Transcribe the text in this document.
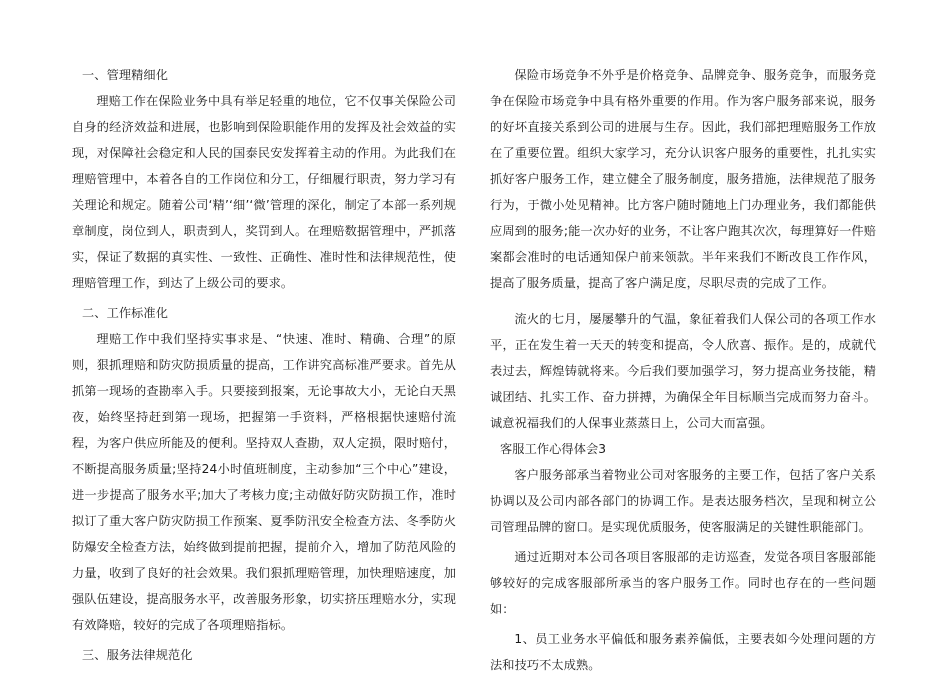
一、管理精细化

理赔工作在保险业务中具有举足轻重的地位，它不仅事关保险公司自身的经济效益和进展，也影响到保险职能作用的发挥及社会效益的实现，对保障社会稳定和人民的国泰民安发挥着主动的作用。为此我们在理赔管理中，本着各自的工作岗位和分工，仔细履行职责，努力学习有关理论和规定。随着公司‘精’‘细’‘微’管理的深化，制定了本部一系列规章制度，岗位到人，职责到人，奖罚到人。在理赔数据管理中，严抓落实，保证了数据的真实性、一致性、正确性、准时性和法律规范性，使理赔管理工作，到达了上级公司的要求。

二、工作标准化

理赔工作中我们坚持实事求是、“快速、准时、精确、合理”的原则，狠抓理赔和防灾防损质量的提高，工作讲究高标准严要求。首先从抓第一现场的查勘率入手。只要接到报案，无论事故大小，无论白天黑夜，始终坚持赶到第一现场，把握第一手资料，严格根据快速赔付流程，为客户供应所能及的便利。坚持双人查勘，双人定损，限时赔付，不断提高服务质量;坚持24小时值班制度，主动参加“三个中心”建设，进一步提高了服务水平;加大了考核力度;主动做好防灾防损工作，准时拟订了重大客户防灾防损工作预案、夏季防汛安全检查方法、冬季防火防爆安全检查方法，始终做到提前把握，提前介入，增加了防范风险的力量，收到了良好的社会效果。我们狠抓理赔管理，加快理赔速度，加强队伍建设，提高服务水平，改善服务形象，切实挤压理赔水分，实现有效降赔，较好的完成了各项理赔指标。

三、服务法律规范化

保险市场竞争不外乎是价格竞争、品牌竞争、服务竞争，而服务竞争在保险市场竞争中具有格外重要的作用。作为客户服务部来说，服务的好坏直接关系到公司的进展与生存。因此，我们部把理赔服务工作放在了重要位置。组织大家学习，充分认识客户服务的重要性，扎扎实实抓好客户服务工作，建立健全了服务制度，服务措施，法律规范了服务行为，于微小处见精神。比方客户随时随地上门办理业务，我们都能供应周到的服务;能一次办好的业务，不让客户跑其次次，每理算好一件赔案都会准时的电话通知保户前来领款。半年来我们不断改良工作作风，提高了服务质量，提高了客户满足度，尽职尽责的完成了工作。

流火的七月，屡屡攀升的气温，象征着我们人保公司的各项工作水平，正在发生着一天天的转变和提高，令人欣喜、振作。是的，成就代表过去，辉煌铸就将来。今后我们要加强学习，努力提高业务技能，精诚团结、扎实工作、奋力拼搏，为确保全年目标顺当完成而努力奋斗。诚意祝福我们的人保事业蒸蒸日上，公司大而富强。

客服工作心得体会3

客户服务部承当着物业公司对客服务的主要工作，包括了客户关系协调以及公司内部各部门的协调工作。是表达服务档次，呈现和树立公司管理品牌的窗口。是实现优质服务，使客服满足的关键性职能部门。

通过近期对本公司各项目客服部的走访巡查，发觉各项目客服部能够较好的完成客服部所承当的客户服务工作。同时也存在的一些问题如：

1、员工业务水平偏低和服务素养偏低，主要表如今处理问题的方法和技巧不太成熟。
